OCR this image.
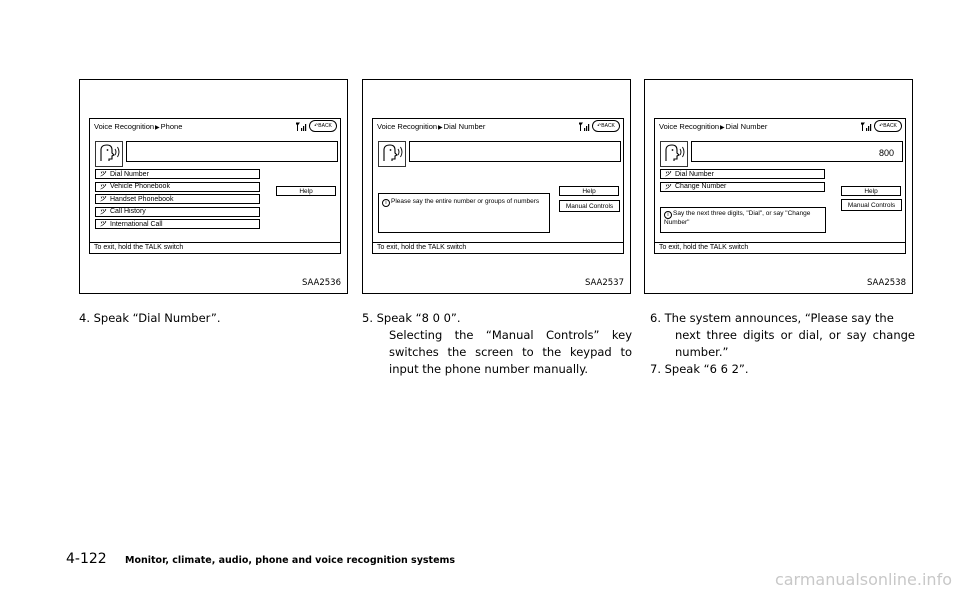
Voice Recognition▶Phone	↶ BACK
ツ Dial Number
ツ Vehicle Phonebook
ツ Handset Phonebook
ツ Call History
ツ International Call
Help
To exit, hold the TALK switch
SAA2536
Voice Recognition▶Dial Number	↶ BACK
i Please say the entire number or groups of numbers
Help
Manual Controls
To exit, hold the TALK switch
SAA2537
Voice Recognition▶Dial Number	↶ BACK
800
ツ Dial Number
ツ Change Number
i Say the next three digits, "Dial", or say "Change Number"
Help
Manual Controls
To exit, hold the TALK switch
SAA2538
4. Speak “Dial Number”.	5. Speak “8 0 0”.
Selecting the “Manual Controls” key switches the screen to the keypad to input the phone number manually.
6. The system announces, “Please say the
next three digits or dial, or say change number.”
7. Speak “6 6 2”.
4-122 Monitor, climate, audio, phone and voice recognition systems
carmanualsonline.info
